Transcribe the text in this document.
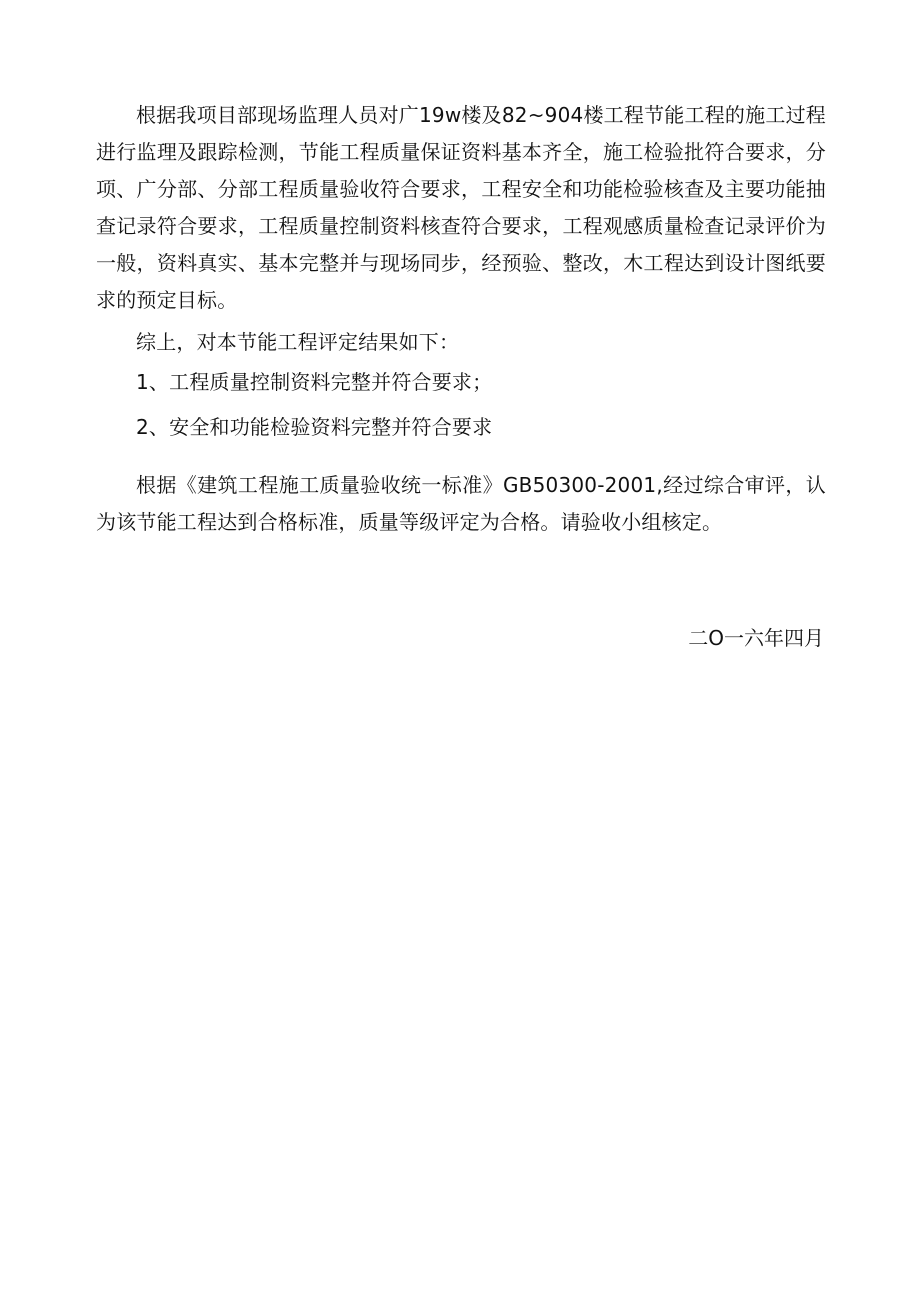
根据我项目部现场监理人员对广19w楼及82~904楼工程节能工程的施工过程进行监理及跟踪检测，节能工程质量保证资料基本齐全，施工检验批符合要求，分项、广分部、分部工程质量验收符合要求，工程安全和功能检验核查及主要功能抽查记录符合要求，工程质量控制资料核查符合要求，工程观感质量检查记录评价为一般，资料真实、基本完整并与现场同步，经预验、整改，木工程达到设计图纸要求的预定目标。

综上，对本节能工程评定结果如下：

1、工程质量控制资料完整并符合要求；

2、安全和功能检验资料完整并符合要求

根据《建筑工程施工质量验收统一标准》GB50300-2001,经过综合审评，认为该节能工程达到合格标准，质量等级评定为合格。请验收小组核定。

二O一六年四月
